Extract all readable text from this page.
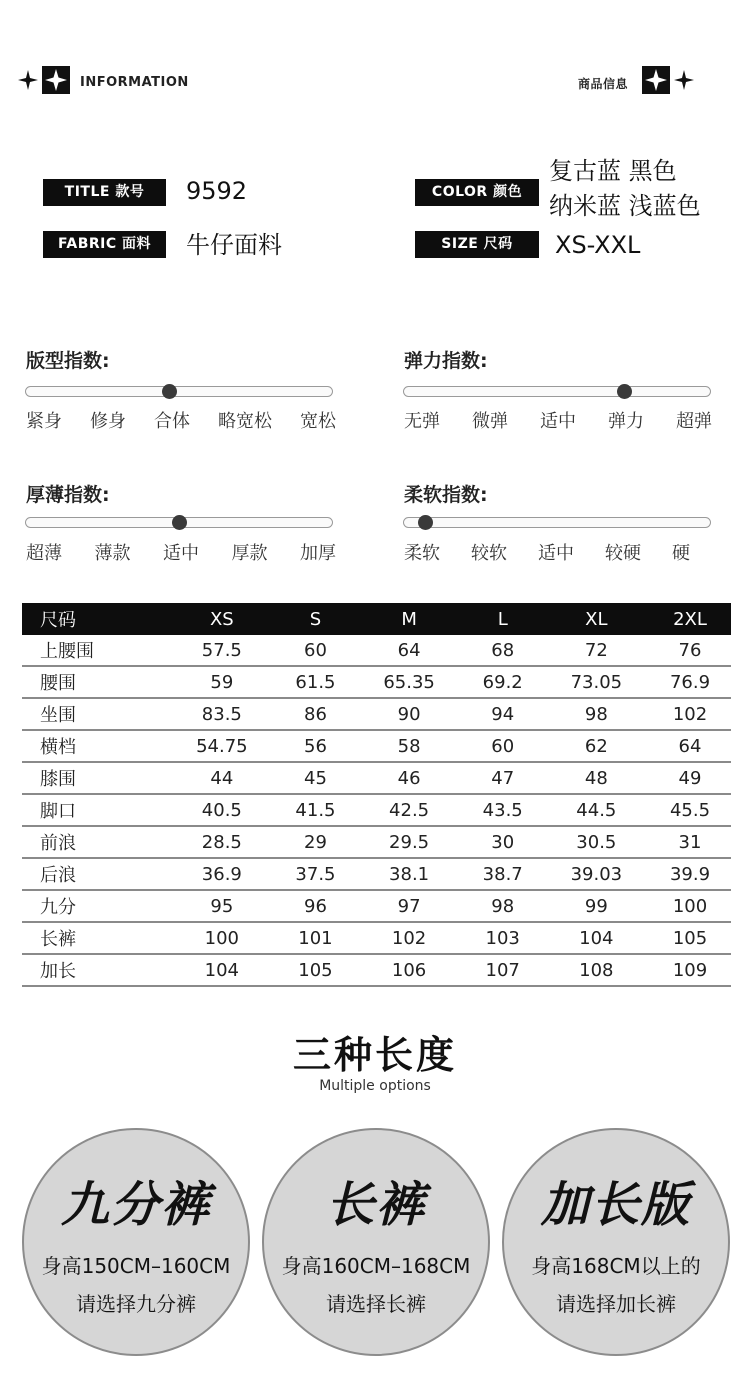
INFORMATION	商品信息
TITLE 款号	9592
FABRIC 面料	牛仔面料
COLOR 颜色
复古蓝 黑色
纳米蓝 浅蓝色
SIZE 尺码	XS-XXL
版型指数:
紧身 修身 合体 略宽松 宽松
弹力指数:
无弹 微弹 适中 弹力 超弹
厚薄指数:
超薄 薄款 适中 厚款 加厚
柔软指数:
柔软 较软 适中 较硬 硬
尺码	XS	S	M	L	XL	2XL
上腰围	57.5	60	64	68	72	76
腰围	59	61.5	65.35	69.2	73.05	76.9
坐围	83.5	86	90	94	98	102
横档	54.75	56	58	60	62	64
膝围	44	45	46	47	48	49
脚口	40.5	41.5	42.5	43.5	44.5	45.5
前浪	28.5	29	29.5	30	30.5	31
后浪	36.9	37.5	38.1	38.7	39.03	39.9
九分	95	96	97	98	99	100
长裤	100	101	102	103	104	105
加长	104	105	106	107	108	109
三种长度
Multiple options
九分裤
身高150CM–160CM
请选择九分裤
长裤
身高160CM–168CM
请选择长裤
加长版
身高168CM以上的
请选择加长裤
